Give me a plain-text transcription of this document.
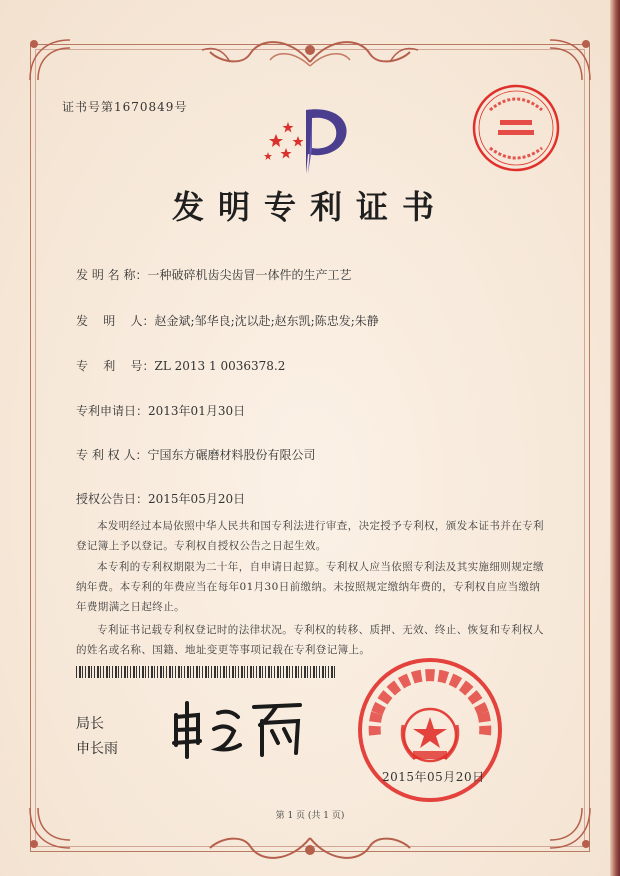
证书号第1670849号
发明专利证书
发 明 名 称：一种破碎机齿尖齿冒一体件的生产工艺
发    明    人：赵金斌;邹华良;沈以赴;赵东凯;陈忠发;朱静
专    利    号：ZL 2013 1 0036378.2
专利申请日：2013年01月30日
专 利 权 人：宁国东方碾磨材料股份有限公司
授权公告日：2015年05月20日
本发明经过本局依照中华人民共和国专利法进行审查，决定授予专利权，颁发本证书并在专利登记簿上予以登记。专利权自授权公告之日起生效。
本专利的专利权期限为二十年，自申请日起算。专利权人应当依照专利法及其实施细则规定缴纳年费。本专利的年费应当在每年01月30日前缴纳。未按照规定缴纳年费的，专利权自应当缴纳年费期满之日起终止。
专利证书记载专利权登记时的法律状况。专利权的转移、质押、无效、终止、恢复和专利权人的姓名或名称、国籍、地址变更等事项记载在专利登记簿上。
局长
申长雨
2015年05月20日
第 1 页 (共 1 页)
